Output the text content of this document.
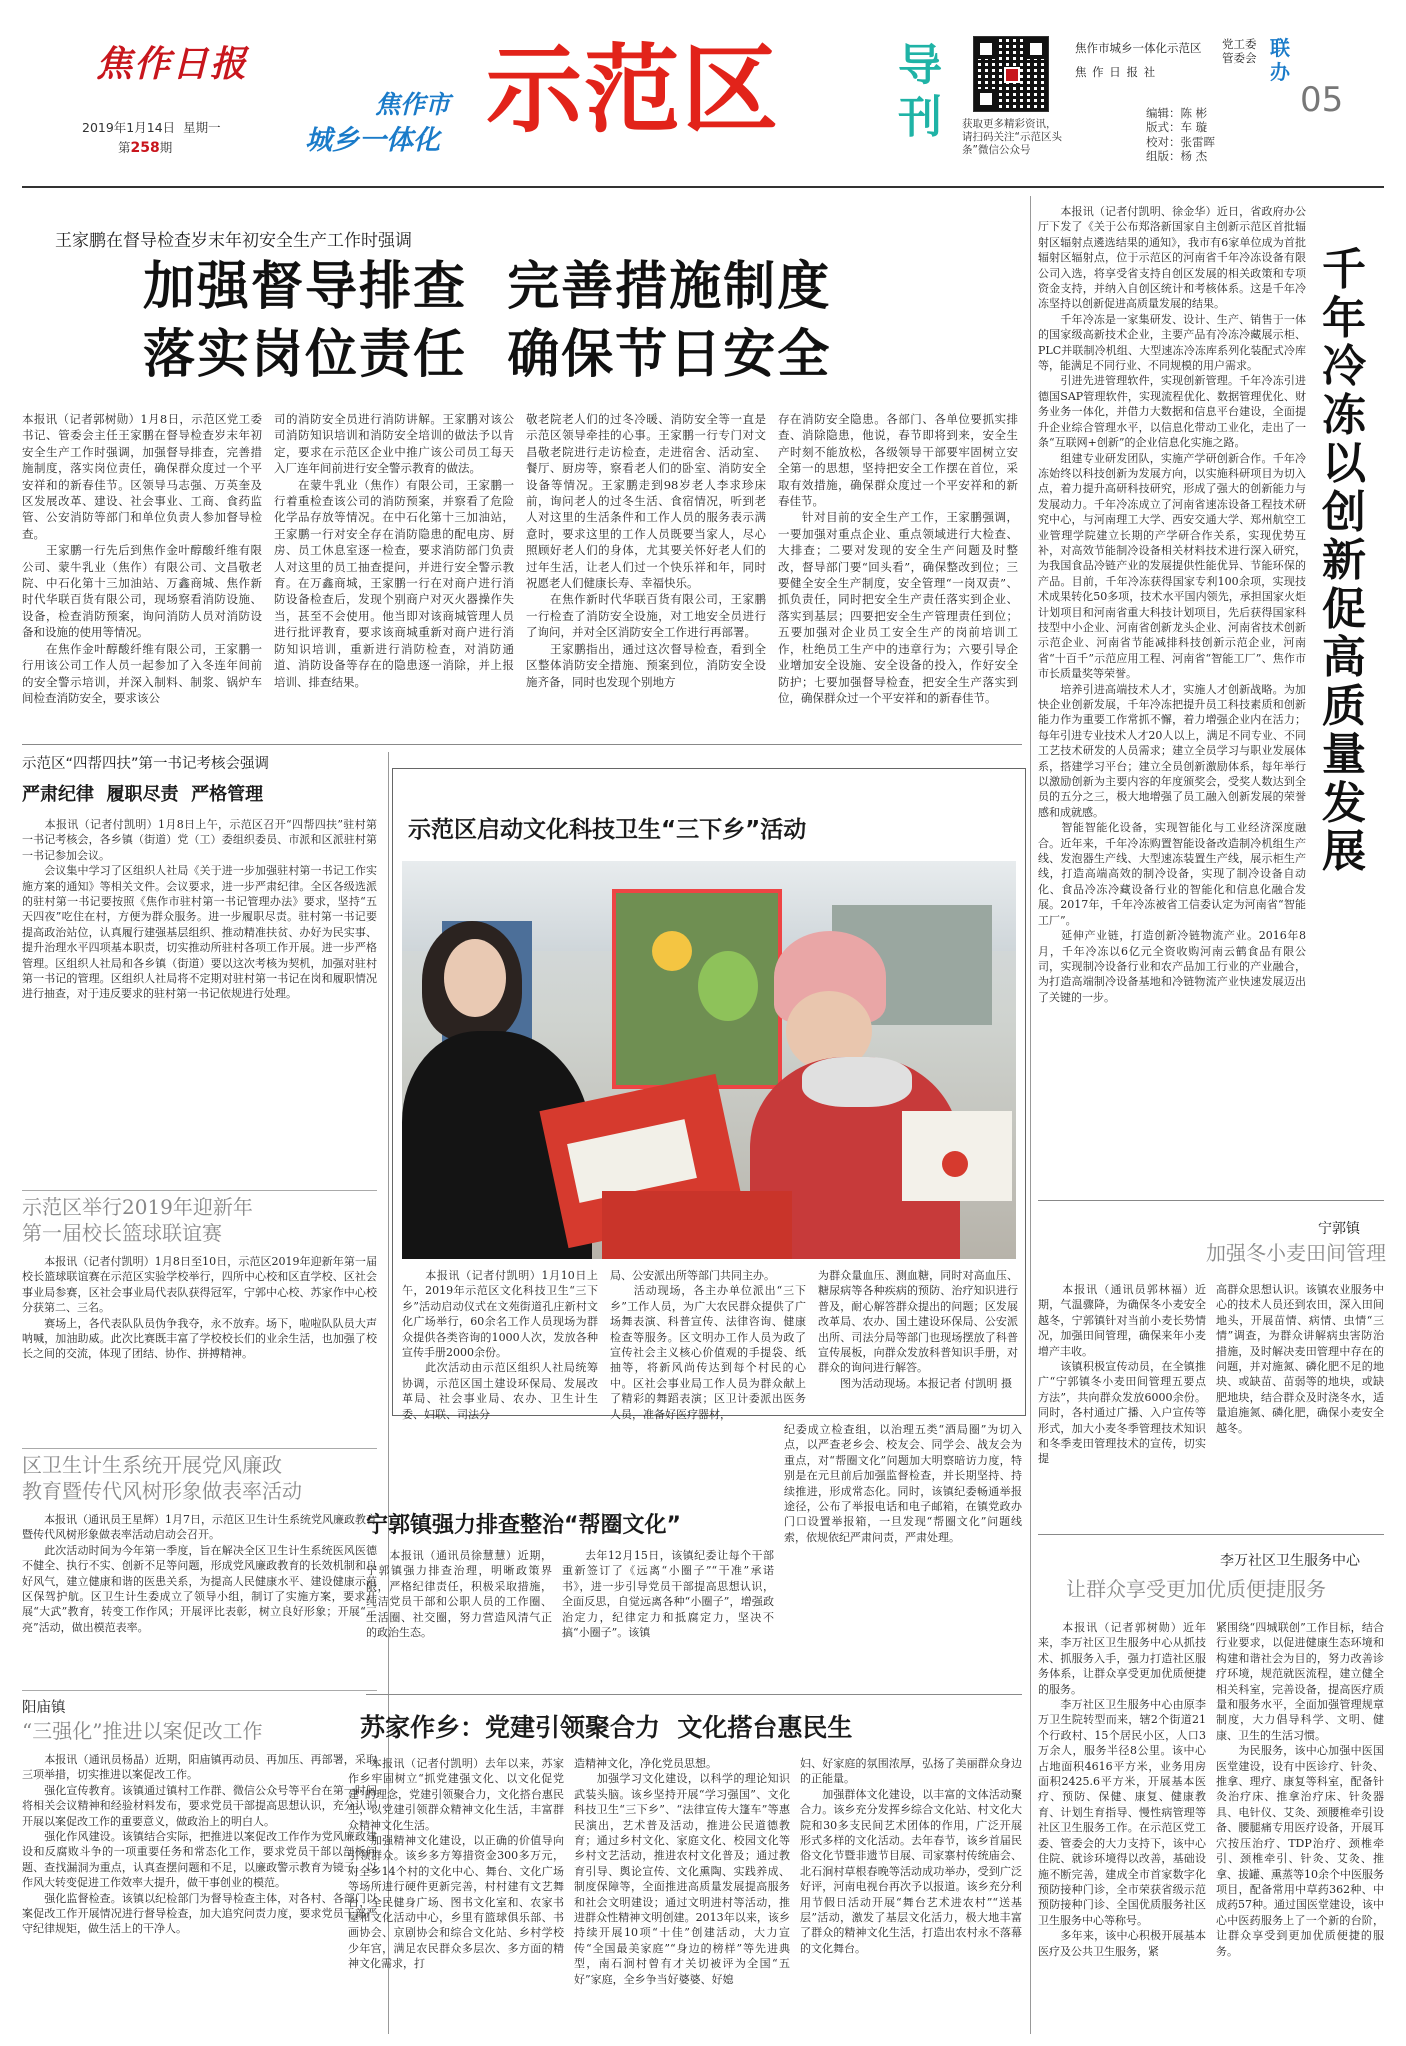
焦作日报
2019年1月14日 星期一
第258期
焦作市
城乡一体化 示范区	导刊 获取更多精彩资讯，请扫码关注“示范区头条”微信公众号
焦作市城乡一体化示范区
焦 作 日 报 社
党工委
管委会 联办
05
编辑：陈 彬
版式：车 璇
校对：张雷晖
组版：杨 杰
王家鹏在督导检查岁末年初安全生产工作时强调
加强督导排查  完善措施制度
落实岗位责任  确保节日安全
本报讯（记者郭树勋）1月8日，示范区党工委书记、管委会主任王家鹏在督导检查岁末年初安全生产工作时强调，加强督导排查，完善措施制度，落实岗位责任，确保群众度过一个平安祥和的新春佳节。区领导马志强、万英奎及区发展改革、建设、社会事业、工商、食药监管、公安消防等部门和单位负责人参加督导检查。
　　王家鹏一行先后到焦作金叶醇酸纤维有限公司、蒙牛乳业（焦作）有限公司、文昌敬老院、中石化第十三加油站、万鑫商城、焦作新时代华联百货有限公司，现场察看消防设施、设备，检查消防预案，询问消防人员对消防设备和设施的使用等情况。
　　在焦作金叶醇酸纤维有限公司，王家鹏一行用该公司工作人员一起参加了入冬连年间前的安全警示培训，并深入制料、制浆、锅炉车间检查消防安全，要求该公
司的消防安全员进行消防讲解。王家鹏对该公司消防知识培训和消防安全培训的做法予以肯定，要求在示范区企业中推广该公司员工每天入厂连年间前进行安全警示教育的做法。
　　在蒙牛乳业（焦作）有限公司，王家鹏一行着重检查该公司的消防预案，并察看了危险化学品存放等情况。在中石化第十三加油站，王家鹏一行对安全存在消防隐患的配电房、厨房、员工休息室逐一检查，要求消防部门负责人对这里的员工抽查提问，并进行安全警示教育。在万鑫商城，王家鹏一行在对商户进行消防设备检查后，发现个别商户对灭火器操作失当，甚至不会使用。他当即对该商城管理人员进行批评教育，要求该商城重新对商户进行消防知识培训，重新进行消防检查，对消防通道、消防设备等存在的隐患逐一消除，并上报培训、排查结果。
敬老院老人们的过冬冷暖、消防安全等一直是示范区领导牵挂的心事。王家鹏一行专门对文昌敬老院进行走访检查，走进宿舍、活动室、餐厅、厨房等，察看老人们的卧室、消防安全设备等情况。王家鹏走到98岁老人李求珍床前，询问老人的过冬生活、食宿情况，听到老人对这里的生活条件和工作人员的服务表示满意时，要求这里的工作人员既要当家人，尽心照顾好老人们的身体，尤其要关怀好老人们的过年生活，让老人们过一个快乐祥和年，同时祝愿老人们健康长寿、幸福快乐。
　　在焦作新时代华联百货有限公司，王家鹏一行检查了消防安全设施，对工地安全员进行了询问，并对全区消防安全工作进行再部署。
　　王家鹏指出，通过这次督导检查，看到全区整体消防安全措施、预案到位，消防安全设施齐备，同时也发现个别地方
存在消防安全隐患。各部门、各单位要抓实排查、消除隐患，他说，春节即将到来，安全生产时刻不能放松，各级领导干部要牢固树立安全第一的思想，坚持把安全工作摆在首位，采取有效措施，确保群众度过一个平安祥和的新春佳节。
　　针对目前的安全生产工作，王家鹏强调，一要加强对重点企业、重点领域进行大检查、大排查；二要对发现的安全生产问题及时整改，督导部门要“回头看”，确保整改到位；三要健全安全生产制度，安全管理“一岗双责”、抓负责任，同时把安全生产责任落实到企业、落实到基层；四要把安全生产管理责任到位；五要加强对企业员工安全生产的岗前培训工作，杜绝员工生产中的违章行为；六要引导企业增加安全设施、安全设备的投入，作好安全防护；七要加强督导检查，把安全生产落实到位，确保群众过一个平安祥和的新春佳节。
示范区“四帮四扶”第一书记考核会强调
严肃纪律  履职尽责  严格管理
　　本报讯（记者付凯明）1月8日上午，示范区召开“四帮四扶”驻村第一书记考核会，各乡镇（街道）党（工）委组织委员、市派和区派驻村第一书记参加会议。
　　会议集中学习了区组织人社局《关于进一步加强驻村第一书记工作实施方案的通知》等相关文件。会议要求，进一步严肃纪律。全区各级选派的驻村第一书记要按照《焦作市驻村第一书记管理办法》要求，坚持“五天四夜”吃住在村，方便为群众服务。进一步履职尽责。驻村第一书记要提高政治站位，认真履行建强基层组织、推动精准扶贫、办好为民实事、提升治理水平四项基本职责，切实推动所驻村各项工作开展。进一步严格管理。区组织人社局和各乡镇（街道）要以这次考核为契机，加强对驻村第一书记的管理。区组织人社局将不定期对驻村第一书记在岗和履职情况进行抽查，对于违反要求的驻村第一书记依规进行处理。
示范区举行2019年迎新年
第一届校长篮球联谊赛
　　本报讯（记者付凯明）1月8日至10日，示范区2019年迎新年第一届校长篮球联谊赛在示范区实验学校举行，四所中心校和区直学校、区社会事业局参赛，区社会事业局代表队获得冠军，宁郭中心校、苏家作中心校分获第二、三名。
　　赛场上，各代表队队员伪争我夺，永不放弃。场下，啦啦队队员大声呐喊，加油助威。此次比赛既丰富了学校校长们的业余生活，也加强了校长之间的交流，体现了团结、协作、拼搏精神。
区卫生计生系统开展党风廉政
教育暨传代风树形象做表率活动
　　本报讯（通讯员王星辉）1月7日，示范区卫生计生系统党风廉政教育暨传代风树形象做表率活动启动会召开。
　　此次活动时间为今年第一季度，旨在解决全区卫生计生系统医风医德不健全、执行不实、创新不足等问题，形成党风廉政教育的长效机制和良好风气，建立健康和谐的医患关系，为提高人民健康水平、建设健康示范区保驾护航。区卫生计生委成立了领导小组，制订了实施方案，要求开展“大武”教育，转变工作作风；开展评比表彰，树立良好形象；开展“三亮”活动，做出模范表率。
阳庙镇
“三强化”推进以案促改工作
　　本报讯（通讯员杨晶）近期，阳庙镇再动员、再加压、再部署，采取三项举措，切实推进以案促改工作。
　　强化宣传教育。该镇通过镇村工作群、微信公众号等平台在第一时间将相关会议精神和经验材料发布，要求党员干部提高思想认识，充分认识开展以案促改工作的重要意义，做政治上的明白人。
　　强化作风建设。该镇结合实际，把推进以案促改工作作为党风廉政建设和反腐败斗争的一项重要任务和常态化工作，要求党员干部以剖析问题、查找漏洞为重点，认真查摆问题和不足，以廉政警示教育为镜子，以作风大转变促进工作效率大提升，做干事创业的模范。
　　强化监督检查。该镇以纪检部门为督导检查主体，对各村、各部门以案促改工作开展情况进行督导检查，加大追究问责力度，要求党员干部严守纪律规矩，做生活上的干净人。
示范区启动文化科技卫生“三下乡”活动
　　本报讯（记者付凯明）1月10日上午，2019年示范区文化科技卫生“三下乡”活动启动仪式在文苑街道孔庄新村文化广场举行，60余名工作人员现场为群众提供各类咨询的1000人次，发放各种宣传手册2000余份。
　　此次活动由示范区组织人社局统筹协调，示范区国土建设环保局、发展改革局、社会事业局、农办、卫生计生委、妇联、司法分
局、公安派出所等部门共同主办。
　　活动现场，各主办单位派出“三下乡”工作人员，为广大农民群众提供了广场舞表演、科普宣传、法律咨询、健康检查等服务。区文明办工作人员为政了宣传社会主义核心价值观的手提袋、纸抽等，将新风尚传达到每个村民的心中。区社会事业局工作人员为群众献上了精彩的舞蹈表演；区卫计委派出医务人员，准备好医疗器材，
为群众量血压、测血糖，同时对高血压、糖尿病等各种疾病的预防、治疗知识进行普及，耐心解答群众提出的问题；区发展改革局、农办、国土建设环保局、公安派出所、司法分局等部门也现场摆放了科普宣传展板，向群众发放科普知识手册，对群众的询问进行解答。
　　图为活动现场。本报记者 付凯明 摄
宁郭镇强力排查整治“帮圈文化”
　　本报讯（通讯员徐慧慧）近期，宁郭镇强力排查治理，明晰政策界限，严格纪律责任，积极采取措施，纯洁党员干部和公职人员的工作圈、生活圈、社交圈，努力营造风清气正的政治生态。
　　去年12月15日，该镇纪委让每个干部重新签订了《远离“小圈子”“干准”承诺书》，进一步引导党员干部提高思想认识，全面反思，自觉远离各种“小圈子”，增强政治定力，纪律定力和抵腐定力，坚决不搞“小圈子”。该镇
纪委成立检查组，以治理五类“酒局圈”为切入点，以严查老乡会、校友会、同学会、战友会为重点，对“帮圈文化”问题加大明察暗访力度，特别是在元旦前后加强监督检查，并长期坚持、持续推进，形成常态化。同时，该镇纪委畅通举报途径，公布了举报电话和电子邮箱，在镇党政办门口设置举报箱，一旦发现“帮圈文化”问题线索，依规依纪严肃问责，严肃处理。
苏家作乡：党建引领聚合力  文化搭台惠民生
　　本报讯（记者付凯明）去年以来，苏家作乡牢固树立“抓党建强文化、以文化促党建”的理念，党建引领聚合力，文化搭台惠民生，以党建引领群众精神文化生活，丰富群众精神文化生活。
　　加强精神文化建设，以正确的价值导向引领群众。该乡多方筹措资金300多万元，对全乡14个村的文化中心、舞台、文化广场等场所进行硬件更新完善，村村建有文艺舞台，全民健身广场、图书文化室和、农家书屋和文化活动中心，乡里有篮球俱乐部、书画协会、京剧协会和综合文化站、乡村学校少年宫，满足农民群众多层次、多方面的精神文化需求，打
造精神文化，净化党员思想。
　　加强学习文化建设，以科学的理论知识武装头脑。该乡坚持开展“学习强国”、文化科技卫生“三下乡”、“法律宣传大篷车”等惠民演出，艺术普及活动，推进公民道德教育；通过乡村文化、家庭文化、校园文化等乡村文艺活动，推进农村文化普及；通过教育引导、舆论宣传、文化熏陶、实践养成、制度保障等，全面推进高质量发展提高服务和社会文明建设；通过文明进村等活动，推进群众性精神文明创建。2013年以来，该乡持续开展10项“十佳”创建活动，大力宣传“全国最美家庭”“身边的榜样”等先进典型，南石涧村曾有才关切被评为全国“五好”家庭，全乡争当好婆婆、好媳
妇、好家庭的氛围浓厚，弘扬了美丽群众身边的正能量。
　　加强群体文化建设，以丰富的文体活动聚合力。该乡充分发挥乡综合文化站、村文化大院和30多支民间艺术团体的作用，广泛开展形式多样的文化活动。去年春节，该乡首届民俗文化节暨非遗节目展、司家寨村传统庙会、北石涧村草根春晚等活动成功举办，受到广泛好评，河南电视台再次予以报道。该乡充分利用节假日活动开展“舞台艺术进农村”“送基层”活动，激发了基层文化活力，极大地丰富了群众的精神文化生活，打造出农村永不落幕的文化舞台。
　　本报讯（记者付凯明、徐金华）近日，省政府办公厅下发了《关于公布郑洛新国家自主创新示范区首批辐射区辐射点遴选结果的通知》，我市有6家单位成为首批辐射区辐射点，位于示范区的河南省千年冷冻设备有限公司入选，将享受省支持自创区发展的相关政策和专项资金支持，并纳入自创区统计和考核体系。这是千年冷冻坚持以创新促进高质量发展的结果。
　　千年冷冻是一家集研发、设计、生产、销售于一体的国家级高新技术企业，主要产品有冷冻冷藏展示柜、PLC并联制冷机组、大型速冻冷冻库系列化装配式冷库等，能满足不同行业、不同规模的用户需求。
　　引进先进管理软件，实现创新管理。千年冷冻引进德国SAP管理软件，实现流程优化、数据管理优化、财务业务一体化，并借力大数据和信息平台建设，全面提升企业综合管理水平，以信息化带动工业化，走出了一条“互联网+创新”的企业信息化实施之路。
　　组建专业研发团队，实施产学研创新合作。千年冷冻始终以科技创新为发展方向，以实施科研项目为切入点，着力提升高研科技研究，形成了强大的创新能力与发展动力。千年冷冻成立了河南省速冻设备工程技术研究中心，与河南理工大学、西安交通大学、郑州航空工业管理学院建立长期的产学研合作关系，实现优势互补，对高效节能制冷设备相关材料技术进行深入研究，为我国食品冷链产业的发展提供性能优异、节能环保的产品。目前，千年冷冻获得国家专利100余项，实现技术成果转化50多项，技术水平国内领先，承担国家火炬计划项目和河南省重大科技计划项目，先后获得国家科技型中小企业、河南省创新龙头企业、河南省技术创新示范企业、河南省节能减排科技创新示范企业，河南省“十百千”示范应用工程、河南省“智能工厂”、焦作市市长质量奖等荣誉。
　　培养引进高端技术人才，实施人才创新战略。为加快企业创新发展，千年冷冻把提升员工科技素质和创新能力作为重要工作常抓不懈，着力增强企业内在活力；每年引进专业技术人才20人以上，满足不同专业、不同工艺技术研发的人员需求；建立全员学习与职业发展体系，搭建学习平台；建立全员创新激励体系，每年举行以激励创新为主要内容的年度颁奖会，受奖人数达到全员的五分之三，极大地增强了员工融入创新发展的荣誉感和成就感。
　　智能智能化设备，实现智能化与工业经济深度融合。近年来，千年冷冻购置智能设备改造制冷机组生产线、发泡器生产线、大型速冻装置生产线，展示柜生产线，打造高端高效的制冷设备，实现了制冷设备自动化、食品冷冻冷藏设备行业的智能化和信息化融合发展。2017年，千年冷冻被省工信委认定为河南省“智能工厂”。
　　延伸产业链，打造创新冷链物流产业。2016年8月，千年冷冻以6亿元全资收购河南云鹤食品有限公司，实现制冷设备行业和农产品加工行业的产业融合，为打造高端制冷设备基地和冷链物流产业快速发展迈出了关键的一步。
千年冷冻以创新促高质量发展
宁郭镇
加强冬小麦田间管理
　　本报讯（通讯员郭林福）近期，气温骤降，为确保冬小麦安全越冬，宁郭镇针对当前小麦长势情况，加强田间管理，确保来年小麦增产丰收。
　　该镇积极宣传动员，在全镇推广“宁郭镇冬小麦田间管理五要点方法”，共向群众发放6000余份。同时，各村通过广播、入户宣传等形式，加大小麦冬季管理技术知识和冬季麦田管理技术的宣传，切实提
高群众思想认识。该镇农业服务中心的技术人员还到农田，深入田间地头，开展苗情、病情、虫情“三情”调查，为群众讲解病虫害防治措施，及时解决麦田管理中存在的问题，并对施氮、磷化肥不足的地块、或缺苗、苗弱等的地块，或缺肥地块，结合群众及时浇冬水，适量追施氮、磷化肥，确保小麦安全越冬。
李万社区卫生服务中心
让群众享受更加优质便捷服务
　　本报讯（记者郭树勋）近年来，李万社区卫生服务中心从抓技术、抓服务入手，强力打造社区服务体系，让群众享受更加优质便捷的服务。
　　李万社区卫生服务中心由原李万卫生院转型而来，辖2个街道21个行政村、15个居民小区，人口3万余人，服务半径8公里。该中心占地面积4616平方米，业务用房面积2425.6平方米，开展基本医疗、预防、保健、康复、健康教育、计划生育指导、慢性病管理等社区卫生服务工作。在示范区党工委、管委会的大力支持下，该中心住院、就诊环境得以改善，基础设施不断完善，建成全市首家数字化预防接种门诊，全市荣获省级示范预防接种门诊、全国优质服务社区卫生服务中心等称号。
　　多年来，该中心积极开展基本医疗及公共卫生服务，紧
紧围绕“四城联创”工作目标，结合行业要求，以促进健康生态环境和构建和谐社会为目的，努力改善诊疗环境，规范就医流程，建立健全相关科室，完善设备，提高医疗质量和服务水平，全面加强管理规章制度，大力倡导科学、文明、健康、卫生的生活习惯。
　　为民服务，该中心加强中医国医堂建设，设有中医诊疗、针灸、推拿、理疗、康复等科室，配备针灸治疗床、推拿治疗床、针灸器具、电针仪、艾灸、颈腰椎牵引设备、腰腿痛专用医疗设备，开展耳穴按压治疗、TDP治疗、颈椎牵引、颈椎牵引、针灸、艾灸、推拿、拔罐、熏蒸等10余个中医服务项目，配备常用中草药362种、中成药57种。通过国医堂建设，该中心中医药服务上了一个新的台阶，让群众享受到更加优质便捷的服务。
